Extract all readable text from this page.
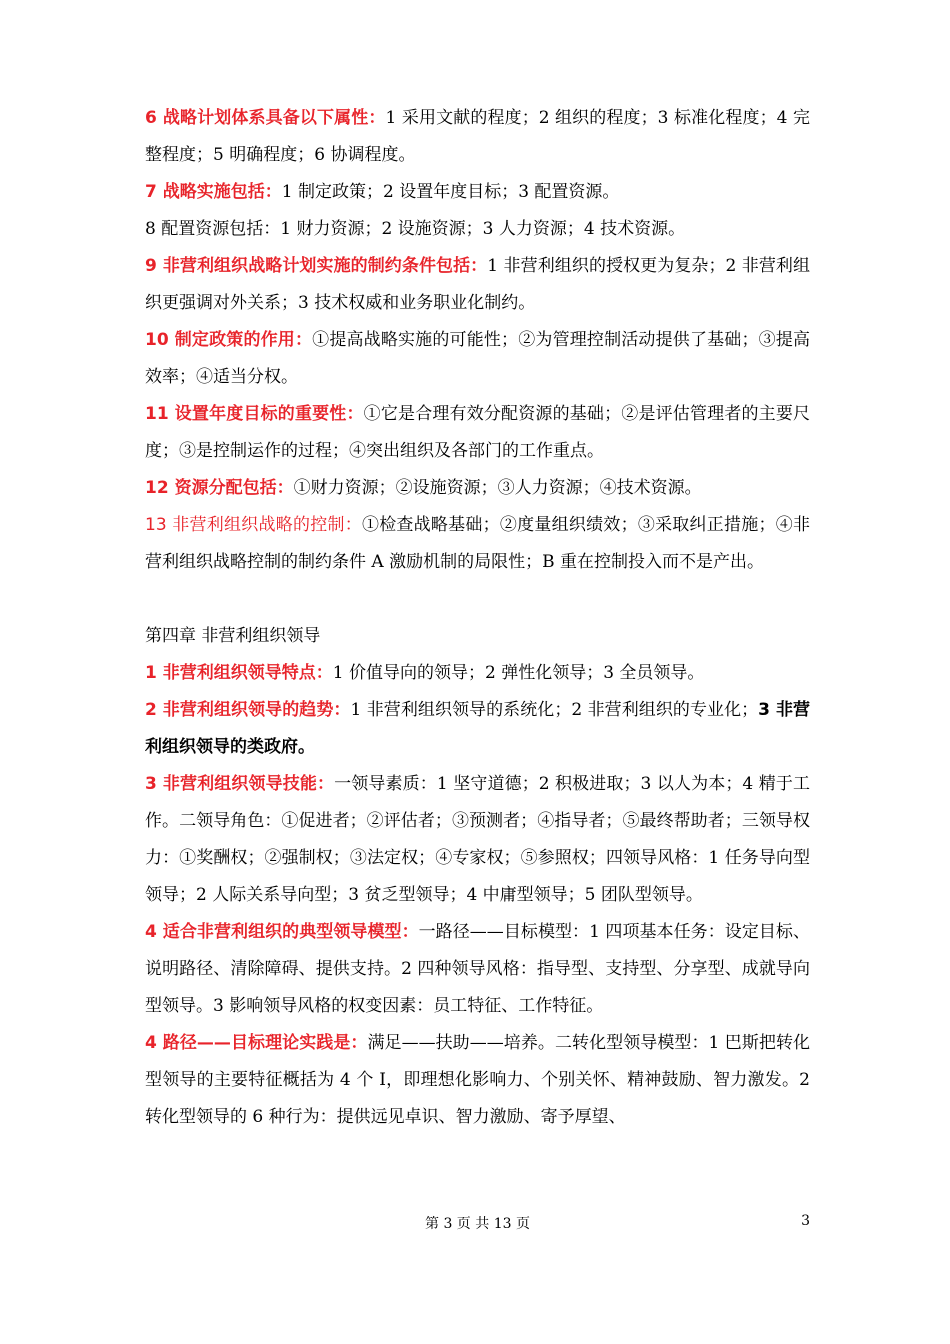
6 战略计划体系具备以下属性：1 采用文献的程度；2 组织的程度；3 标准化程度；4 完整程度；5 明确程度；6 协调程度。

7 战略实施包括：1 制定政策；2 设置年度目标；3 配置资源。

8 配置资源包括：1 财力资源；2 设施资源；3 人力资源；4 技术资源。

9 非营利组织战略计划实施的制约条件包括：1 非营利组织的授权更为复杂；2 非营利组织更强调对外关系；3 技术权威和业务职业化制约。

10 制定政策的作用：①提高战略实施的可能性；②为管理控制活动提供了基础；③提高效率；④适当分权。

11 设置年度目标的重要性：①它是合理有效分配资源的基础；②是评估管理者的主要尺度；③是控制运作的过程；④突出组织及各部门的工作重点。

12 资源分配包括：①财力资源；②设施资源；③人力资源；④技术资源。

13 非营利组织战略的控制：①检查战略基础；②度量组织绩效；③采取纠正措施；④非营利组织战略控制的制约条件 A 激励机制的局限性；B 重在控制投入而不是产出。

第四章 非营利组织领导

1 非营利组织领导特点：1 价值导向的领导；2 弹性化领导；3 全员领导。

2 非营利组织领导的趋势：1 非营利组织领导的系统化；2 非营利组织的专业化；3 非营利组织领导的类政府。

3 非营利组织领导技能：一领导素质：1 坚守道德；2 积极进取；3 以人为本；4 精于工作。二领导角色：①促进者；②评估者；③预测者；④指导者；⑤最终帮助者；三领导权力：①奖酬权；②强制权；③法定权；④专家权；⑤参照权；四领导风格：1 任务导向型领导；2 人际关系导向型；3 贫乏型领导；4 中庸型领导；5 团队型领导。

4 适合非营利组织的典型领导模型：一路径——目标模型：1 四项基本任务：设定目标、说明路径、清除障碍、提供支持。2 四种领导风格：指导型、支持型、分享型、成就导向型领导。3 影响领导风格的权变因素：员工特征、工作特征。

4 路径——目标理论实践是：满足——扶助——培养。二转化型领导模型：1 巴斯把转化型领导的主要特征概括为 4 个 I，即理想化影响力、个别关怀、精神鼓励、智力激发。2 转化型领导的 6 种行为：提供远见卓识、智力激励、寄予厚望、

第 3 页 共 13 页	3
